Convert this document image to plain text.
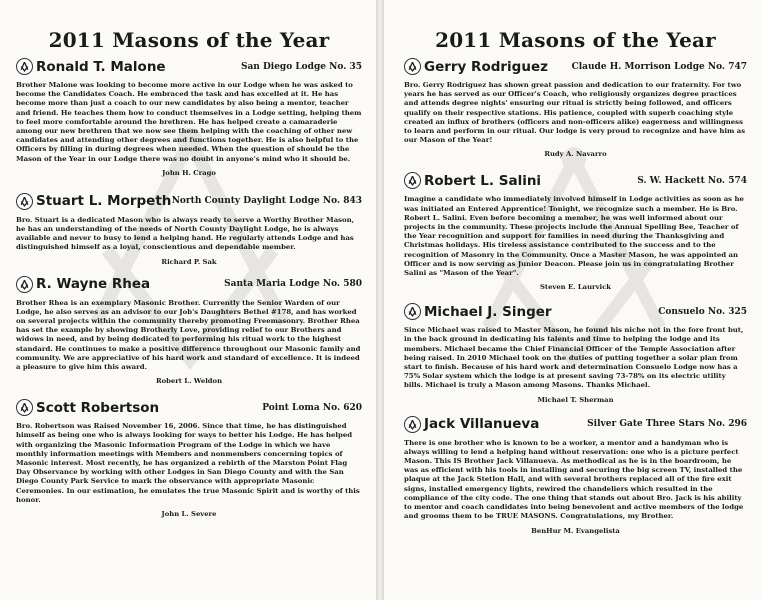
2011 Masons of the Year
Ronald T. Malone	San Diego Lodge No. 35

Brother Malone was looking to become more active in our Lodge when he was asked to become the Candidates Coach. He embraced the task and has excelled at it. He has become more than just a coach to our new candidates by also being a mentor, teacher and friend. He teaches them how to conduct themselves in a Lodge setting, helping them to feel more comfortable around the brethren. He has helped create a camaraderie among our new brethren that we now see them helping with the coaching of other new candidates and attending other degrees and functions together. He is also helpful to the Officers by filling in during degrees when needed. When the question of should be the Mason of the Year in our Lodge there was no doubt in anyone's mind who it should be.

John H. Crago
Stuart L. Morpeth North County Daylight Lodge No. 843

Bro. Stuart is a dedicated Mason who is always ready to serve a Worthy Brother Mason, he has an understanding of the needs of North County Daylight Lodge, he is always available and never to busy to lend a helping hand. He regularly attends Lodge and has distinguished himself as a loyal, conscientious and dependable member.

Richard P. Sak
R. Wayne Rhea	Santa Maria Lodge No. 580

Brother Rhea is an exemplary Masonic Brother. Currently the Senior Warden of our Lodge, he also serves as an advisor to our Job's Daughters Bethel #178, and has worked on several projects within the community thereby promoting Freemasonry. Brother Rhea has set the example by showing Brotherly Love, providing relief to our Brothers and widows in need, and by being dedicated to performing his ritual work to the highest standard. He continues to make a positive difference throughout our Masonic family and community. We are appreciative of his hard work and standard of excellence. It is indeed a pleasure to give him this award.

Robert L. Weldon
Scott Robertson	Point Loma No. 620

Bro. Robertson was Raised November 16, 2006. Since that time, he has distinguished himself as being one who is always looking for ways to better his Lodge. He has helped with organizing the Masonic Information Program of the Lodge in which we have monthly information meetings with Members and nonmembers concerning topics of Masonic interest. Most recently, he has organized a rebirth of the Marston Point Flag Day Observance by working with other Lodges in San Diego County and with the San Diego County Park Service to mark the observance with appropriate Masonic Ceremonies. In our estimation, he emulates the true Masonic Spirit and is worthy of this honor.

John L. Severe
2011 Masons of the Year
Gerry Rodriguez	Claude H. Morrison Lodge No. 747

Bro. Gerry Rodriguez has shown great passion and dedication to our fraternity. For two years he has served as our Officer's Coach, who religiously organizes degree practices and attends degree nights' ensuring our ritual is strictly being followed, and officers qualify on their respective stations. His patience, coupled with superb coaching style created an influx of brothers (officers and non-officers alike) eagerness and willingness to learn and perform in our ritual. Our lodge is very proud to recognize and have him as our Mason of the Year!

Rudy A. Navarro
Robert L. Salini	S. W. Hackett No. 574

Imagine a candidate who immediately involved himself in Lodge activities as soon as he was initiated an Entered Apprentice! Tonight, we recognize such a member. He is Bro. Robert L. Salini. Even before becoming a member, he was well informed about our projects in the community. These projects include the Annual Spelling Bee, Teacher of the Year recognition and support for families in need during the Thanksgiving and Christmas holidays. His tireless assistance contributed to the success and to the recognition of Masonry in the Community. Once a Master Mason, he was appointed an Officer and is now serving as Junior Deacon. Please join us in congratulating Brother Salini as "Mason of the Year".

Steven E. Laurvick
Michael J. Singer	Consuelo No. 325

Since Michael was raised to Master Mason, he found his niche not in the fore front but, in the back ground in dedicating his talents and time to helping the lodge and its members. Michael became the Chief Financial Officer of the Temple Association after being raised. In 2010 Michael took on the duties of putting together a solar plan from start to finish. Because of his hard work and determination Consuelo Lodge now has a 75% Solar system which the lodge is at present saving 73-78% on its electric utility bills. Michael is truly a Mason among Masons. Thanks Michael.

Michael T. Sherman
Jack Villanueva	Silver Gate Three Stars No. 296

There is one brother who is known to be a worker, a mentor and a handyman who is always willing to lend a helping hand without reservation: one who is a picture perfect Mason. This IS Brother Jack Villanueva. As methodical as he is in the boardroom, he was as efficient with his tools in installing and securing the big screen TV, installed the plaque at the Jack Stetlon Hall, and with several brothers replaced all of the fire exit signs, installed emergency lights, rewired the chandeliers which resulted in the compliance of the city code. The one thing that stands out about Bro. Jack is his ability to mentor and coach candidates into being benevolent and active members of the lodge and grooms them to be TRUE MASONS. Congratulations, my Brother.

BenHur M. Evangelista
